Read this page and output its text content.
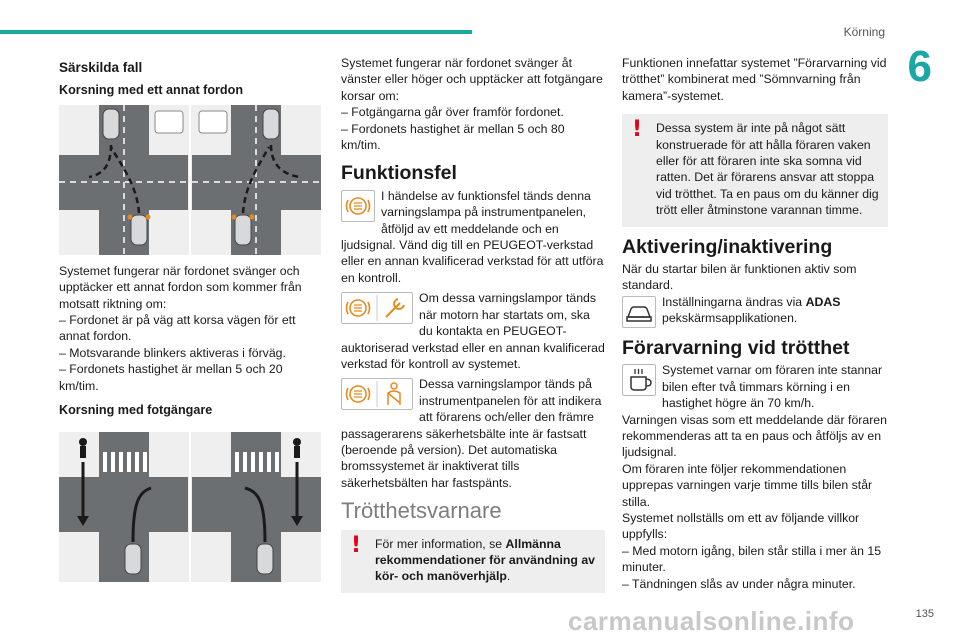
Körning
6
Särskilda fall
Korsning med ett annat fordon

Systemet fungerar när fordonet svänger och upptäcker ett annat fordon som kommer från motsatt riktning om:

– Fordonet är på väg att korsa vägen för ett annat fordon.

– Motsvarande blinkers aktiveras i förväg.

– Fordonets hastighet är mellan 5 och 20 km/tim.

Korsning med fotgängare

Systemet fungerar när fordonet svänger åt vänster eller höger och upptäcker att fotgängare korsar om:

– Fotgängarna går över framför fordonet.

– Fordonets hastighet är mellan 5 och 80 km/tim.

Funktionsfel

I händelse av funktionsfel tänds denna varningslampa på instrumentpanelen, åtföljd av ett meddelande och en ljudsignal. Vänd dig till en PEUGEOT-verkstad eller en annan kvalificerad verkstad för att utföra en kontroll.

Om dessa varningslampor tänds när motorn har startats om, ska du kontakta en PEUGEOT-auktoriserad verkstad eller en annan kvalificerad verkstad för kontroll av systemet.

Dessa varningslampor tänds på instrumentpanelen för att indikera att förarens och/eller den främre passagerarens säkerhetsbälte inte är fastsatt (beroende på version). Det automatiska bromssystemet är inaktiverat tills säkerhetsbälten har fastspänts.

Trötthetsvarnare
!	För mer information, se Allmänna rekommendationer för användning av kör- och manöverhjälp.

Funktionen innefattar systemet ”Förarvarning vid trötthet” kombinerat med ”Sömnvarning från kamera”-systemet.

!	Dessa system är inte på något sätt konstruerade för att hålla föraren vaken eller för att föraren inte ska somna vid ratten. Det är förarens ansvar att stoppa vid trötthet. Ta en paus om du känner dig trött eller åtminstone varannan timme.

Aktivering/inaktivering

När du startar bilen är funktionen aktiv som standard.

Inställningarna ändras via ADAS pekskärmsapplikationen.

Förarvarning vid trötthet

Systemet varnar om föraren inte stannar bilen efter två timmars körning i en hastighet högre än 70 km/h.

Varningen visas som ett meddelande där föraren rekommenderas att ta en paus och åtföljs av en ljudsignal.

Om föraren inte följer rekommendationen upprepas varningen varje timme tills bilen står stilla.

Systemet nollställs om ett av följande villkor uppfylls:

– Med motorn igång, bilen står stilla i mer än 15 minuter.

– Tändningen slås av under några minuter.

carmanualsonline.info	135
